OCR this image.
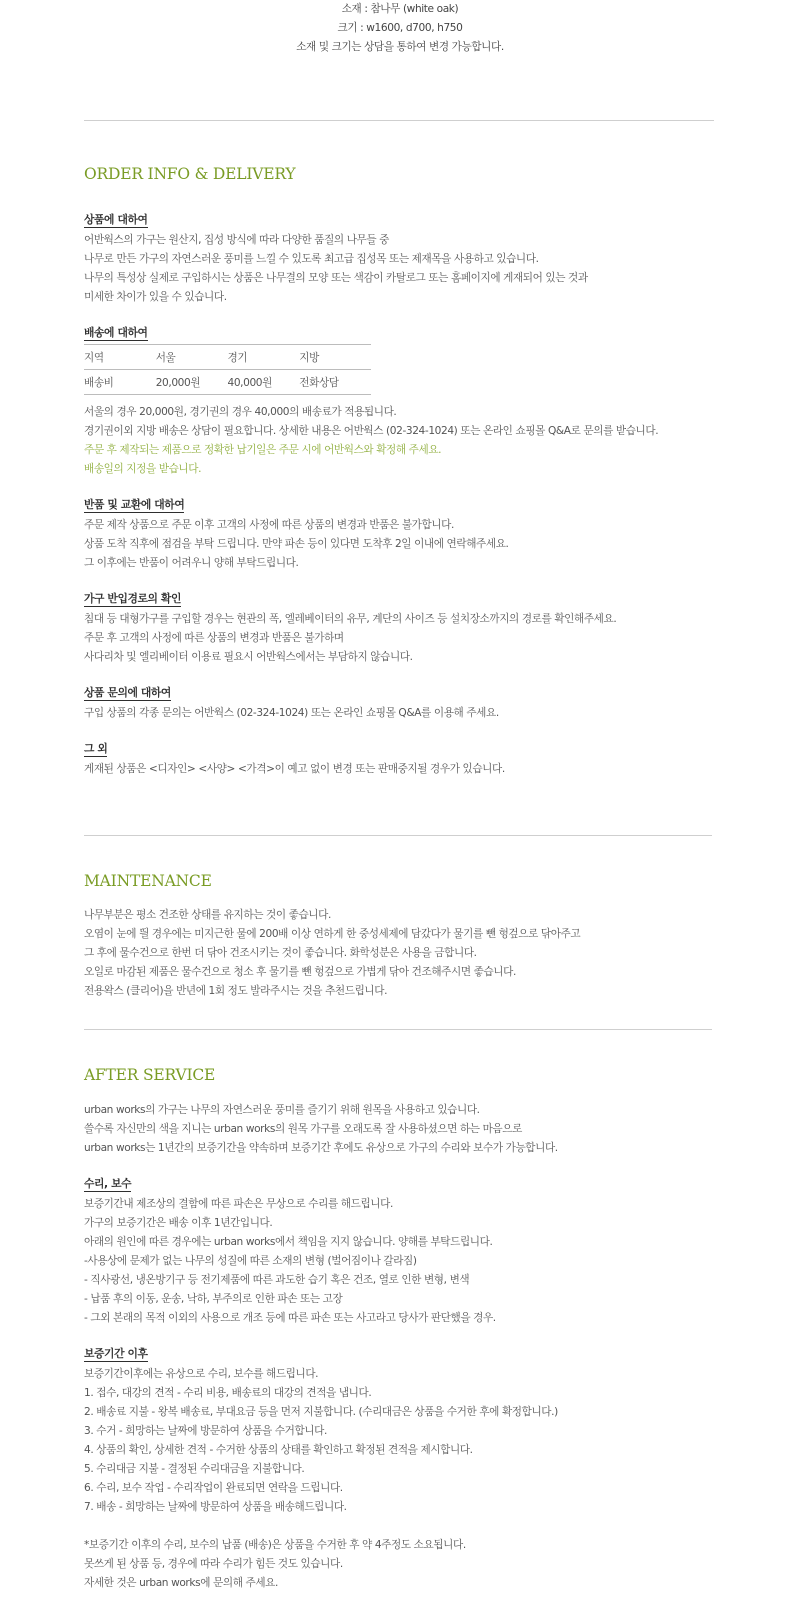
소재 : 참나무 (white oak)
크기 : w1600, d700, h750
소재 및 크기는 상담을 통하여 변경 가능합니다.
ORDER INFO & DELIVERY
상품에 대하여
어반웍스의 가구는 원산지, 집성 방식에 따라 다양한 품질의 나무들 중
나무로 만든 가구의 자연스러운 풍미를 느낄 수 있도록 최고급 집성목 또는 제재목을 사용하고 있습니다.
나무의 특성상 실제로 구입하시는 상품은 나무결의 모양 또는 색감이 카탈로그 또는 홈페이지에 게재되어 있는 것과
미세한 차이가 있을 수 있습니다.
배송에 대하여
지역	서울	경기	지방
배송비	20,000원	40,000원	전화상담
서울의 경우 20,000원, 경기권의 경우 40,000의 배송료가 적용됩니다.
경기권이외 지방 배송은 상담이 필요합니다. 상세한 내용은 어반웍스 (02-324-1024) 또는 온라인 쇼핑몰 Q&A로 문의를 받습니다.
주문 후 제작되는 제품으로 정확한 납기일은 주문 시에 어반웍스와 확정해 주세요.
배송일의 지정을 받습니다.
반품 및 교환에 대하여
주문 제작 상품으로 주문 이후 고객의 사정에 따른 상품의 변경과 반품은 불가합니다.
상품 도착 직후에 점검을 부탁 드립니다. 만약 파손 등이 있다면 도착후 2일 이내에 연락해주세요.
그 이후에는 반품이 어려우니 양해 부탁드립니다.
가구 반입경로의 확인
침대 등 대형가구를 구입할 경우는 현관의 폭, 엘레베이터의 유무, 계단의 사이즈 등 설치장소까지의 경로를 확인해주세요.
주문 후 고객의 사정에 따른 상품의 변경과 반품은 불가하며
사다리차 및 엘리베이터 이용료 필요시 어반웍스에서는 부담하지 않습니다.
상품 문의에 대하여
구입 상품의 각종 문의는 어반웍스 (02-324-1024) 또는 온라인 쇼핑몰 Q&A를 이용해 주세요.
그 외
게재된 상품은 <디자인> <사양> <가격>이 예고 없이 변경 또는 판매중지될 경우가 있습니다.
MAINTENANCE
나무부분은 평소 건조한 상태를 유지하는 것이 좋습니다.
오염이 눈에 띌 경우에는 미지근한 물에 200배 이상 연하게 한 중성세제에 담갔다가 물기를 뺀 헝겊으로 닦아주고
그 후에 물수건으로 한번 더 닦아 건조시키는 것이 좋습니다. 화학성분은 사용을 금합니다.
오일로 마감된 제품은 물수건으로 청소 후 물기를 뺀 헝겊으로 가볍게 닦아 건조해주시면 좋습니다.
전용왁스 (클리어)을 반년에 1회 정도 발라주시는 것을 추천드립니다.
AFTER SERVICE
urban works의 가구는 나무의 자연스러운 풍미를 즐기기 위해 원목을 사용하고 있습니다.
쓸수록 자신만의 색을 지니는 urban works의 원목 가구를 오래도록 잘 사용하셨으면 하는 마음으로
urban works는 1년간의 보증기간을 약속하며 보증기간 후에도 유상으로 가구의 수리와 보수가 가능합니다.
수리, 보수
보증기간내 제조상의 결함에 따른 파손은 무상으로 수리를 해드립니다.
가구의 보증기간은 배송 이후 1년간입니다.
아래의 원인에 따른 경우에는 urban works에서 책임을 지지 않습니다. 양해를 부탁드립니다.
-사용상에 문제가 없는 나무의 성질에 따른 소재의 변형 (벌어짐이나 갈라짐)
- 직사광선, 냉온방기구 등 전기제품에 따른 과도한 습기 혹은 건조, 열로 인한 변형, 변색
- 납품 후의 이동, 운송, 낙하, 부주의로 인한 파손 또는 고장
- 그외 본래의 목적 이외의 사용으로 개조 등에 따른 파손 또는 사고라고 당사가 판단했을 경우.
보증기간 이후
보증기간이후에는 유상으로 수리, 보수를 해드립니다.
1. 접수, 대강의 견적 - 수리 비용, 배송료의 대강의 견적을 냅니다.
2. 배송료 지불 - 왕복 배송료, 부대요금 등을 먼저 지불합니다. (수리대금은 상품을 수거한 후에 확정합니다.)
3. 수거 - 희망하는 날짜에 방문하여 상품을 수거합니다.
4. 상품의 확인, 상세한 견적 - 수거한 상품의 상태를 확인하고 확정된 견적을 제시합니다.
5. 수리대금 지불 - 결정된 수리대금을 지불합니다.
6. 수리, 보수 작업 - 수리작업이 완료되면 연락을 드립니다.
7. 배송 - 희망하는 날짜에 방문하여 상품을 배송해드립니다.
*보증기간 이후의 수리, 보수의 납품 (배송)은 상품을 수거한 후 약 4주정도 소요됩니다.
못쓰게 된 상품 등, 경우에 따라 수리가 힘든 것도 있습니다.
자세한 것은 urban works에 문의해 주세요.
